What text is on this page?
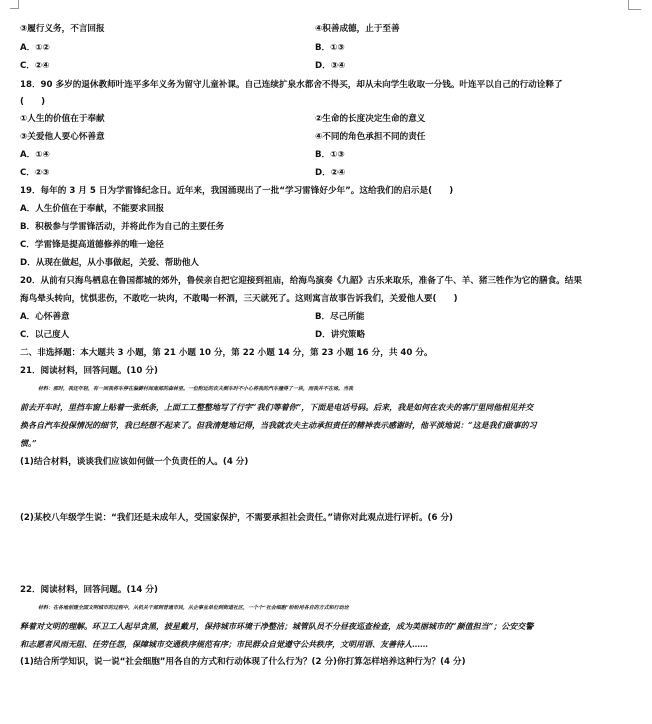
③履行义务，不言回报	④积善成德，止于至善
A．①②	B．①③
C．②④	D．③④
18．90 多岁的退休教师叶连平多年义务为留守儿童补课。自己连续扩泉水都舍不得买，却从未向学生收取一分钱。叶连平以自己的行动诠释了
(　　)
①人生的价值在于奉献	②生命的长度决定生命的意义
③关爱他人要心怀善意	④不同的角色承担不同的责任
A．①④	B．①③
C．②③	D．②④
19．每年的 3 月 5 日为学雷锋纪念日。近年来，我国涌现出了一批“学习雷锋好少年”。这给我们的启示是(　　)
A．人生价值在于奉献，不能要求回报
B．积极参与学雷锋活动，并将此作为自己的主要任务
C．学雷锋是提高道德修养的唯一途径
D．从现在做起，从小事做起，关爱、帮助他人
20．从前有只海鸟栖息在鲁国都城的郊外，鲁侯亲自把它迎接到祖庙，给海鸟演奏《九韶》古乐来取乐，准备了牛、羊、猪三牲作为它的膳食。结果
海鸟晕头转向，忧惧悲伤，不敢吃一块肉，不敢喝一杯酒，三天就死了。这则寓言故事告诉我们，关爱他人要(　　)
A．心怀善意	B．尽己所能
C．以己度人	D．讲究策略
二、非选择题：本大题共 3 小题，第 21 小题 10 分，第 22 小题 14 分，第 23 小题 16 分，共 40 分。
21．阅读材料，回答问题。(10 分)
材料：那时，我还年轻，有一回我将车停在偏僻村间南部的森林里。一位附近的农夫倒车时不小心将我的汽车撞得了一块，而我并不在场。当我
前去开车时，里挡车窗上贴着一张纸条，上面工工整整地写了行字“我们等着你”，下面是电话号码。后来，我是如何在农夫的客厅里同他相见并交
换各自汽车投保情况的细节，我已经想不起来了。但我清楚地记得，当我就农夫主动承担责任的精神表示感谢时，他平淡地说：“这是我们做事的习
惯。”
(1)结合材料，谈谈我们应该如何做一个负责任的人。(4 分)
(2)某校八年级学生说：“我们还是未成年人，受国家保护，不需要承担社会责任。”请你对此观点进行评析。(6 分)
22．阅读材料，回答问题。(14 分)
材料：在各地创建全国文明城市的过程中，从机关干部到普通市民，从企事业单位到街道社区，一个个“社会细胞”纷纷用各自的方式和行动诠
释着对文明的理解。环卫工人起早贪黑，披星戴月，保持城市环境干净整洁；城管队员不分昼夜巡查检查，成为美丽城市的“颜值担当”；公安交警
和志愿者风雨无阻、任劳任怨，保障城市交通秩序规范有序；市民群众自觉遵守公共秩序，文明用语、友善待人……
(1)结合所学知识，说一说“社会细胞”用各自的方式和行动体现了什么行为？(2 分)你打算怎样培养这种行为？(4 分)
